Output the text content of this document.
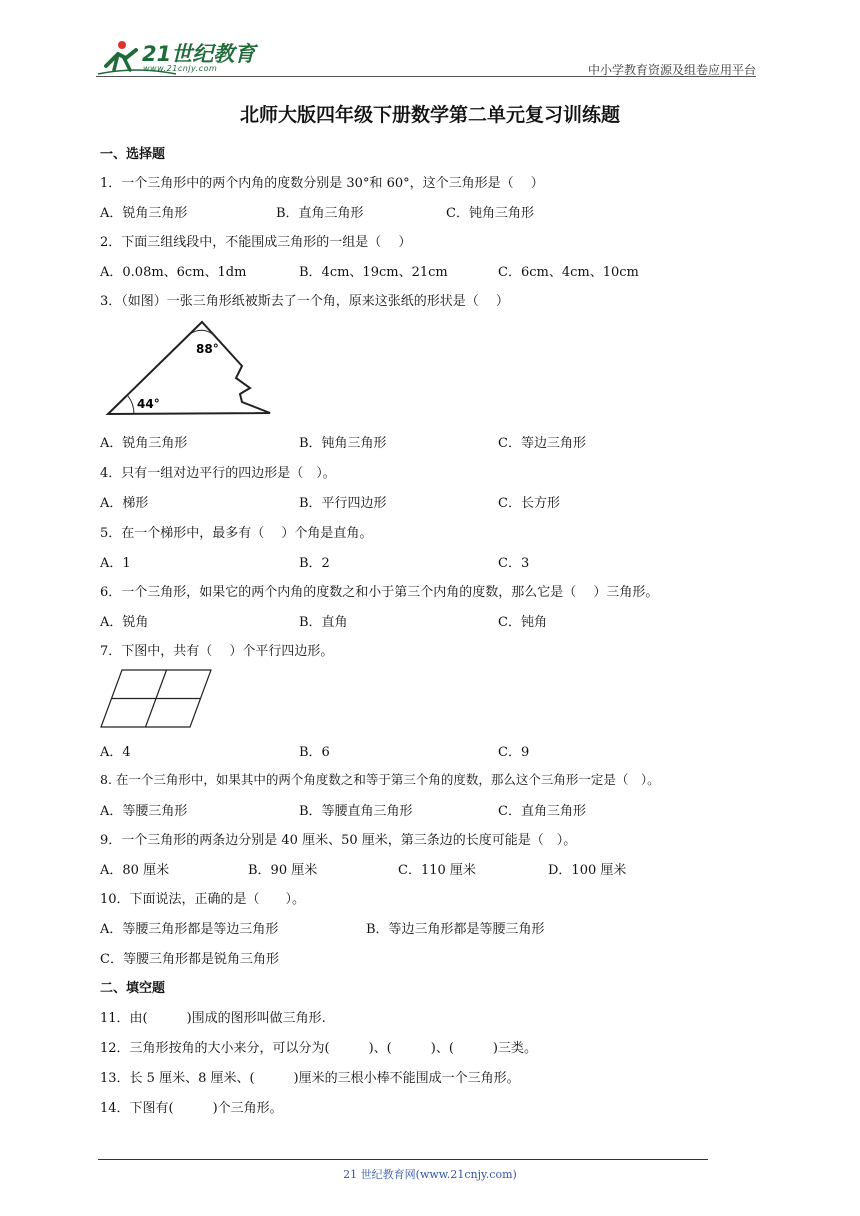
21世纪教育
www.21cnjy.com	中小学教育资源及组卷应用平台
北师大版四年级下册数学第二单元复习训练题
一、选择题
1．一个三角形中的两个内角的度数分别是 30°和 60°，这个三角形是（　 ）
A．锐角三角形	B．直角三角形	C．钝角三角形
2．下面三组线段中，不能围成三角形的一组是（　 ）
A．0.08m、6cm、1dm	B．4cm、19cm、21cm	C．6cm、4cm、10cm
3．（如图）一张三角形纸被斯去了一个角，原来这张纸的形状是（　 ）
88°
44°
A．锐角三角形	B．钝角三角形	C．等边三角形
4．只有一组对边平行的四边形是（　）。
A．梯形	B．平行四边形	C．长方形
5．在一个梯形中，最多有（　 ）个角是直角。
A．1	B．2	C．3
6．一个三角形，如果它的两个内角的度数之和小于第三个内角的度数，那么它是（　 ）三角形。
A．锐角	B．直角	C．钝角
7．下图中，共有（　 ）个平行四边形。
A．4	B．6	C．9
8. 在一个三角形中，如果其中的两个角度数之和等于第三个角的度数，那么这个三角形一定是（　）。
A．等腰三角形	B．等腰直角三角形	C．直角三角形
9．一个三角形的两条边分别是 40 厘米、50 厘米，第三条边的长度可能是（　）。
A．80 厘米	B．90 厘米	C．110 厘米	D．100 厘米
10．下面说法，正确的是（　　）。
A．等腰三角形都是等边三角形	B．等边三角形都是等腰三角形
C．等腰三角形都是锐角三角形
二、填空题
11．由(　　　)围成的图形叫做三角形.
12．三角形按角的大小来分，可以分为(　　　)、(　　　)、(　　　)三类。
13．长 5 厘米、8 厘米、(　　　)厘米的三根小棒不能围成一个三角形。
14．下图有(　　　)个三角形。
21 世纪教育网(www.21cnjy.com)
